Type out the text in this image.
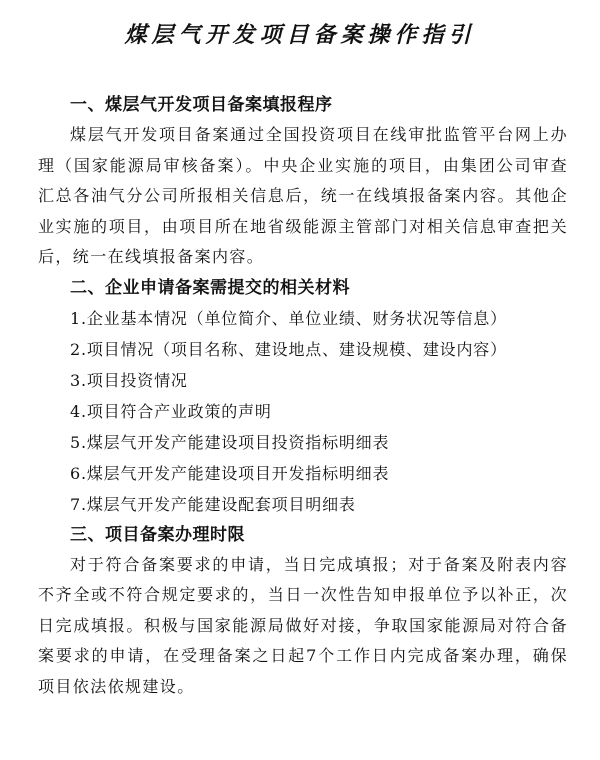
煤层气开发项目备案操作指引
一、煤层气开发项目备案填报程序
煤层气开发项目备案通过全国投资项目在线审批监管平台网上办理（国家能源局审核备案）。中央企业实施的项目，由集团公司审查汇总各油气分公司所报相关信息后，统一在线填报备案内容。其他企业实施的项目，由项目所在地省级能源主管部门对相关信息审查把关后，统一在线填报备案内容。
二、企业申请备案需提交的相关材料
1.企业基本情况（单位简介、单位业绩、财务状况等信息）
2.项目情况（项目名称、建设地点、建设规模、建设内容）
3.项目投资情况
4.项目符合产业政策的声明
5.煤层气开发产能建设项目投资指标明细表
6.煤层气开发产能建设项目开发指标明细表
7.煤层气开发产能建设配套项目明细表
三、项目备案办理时限
对于符合备案要求的申请，当日完成填报；对于备案及附表内容不齐全或不符合规定要求的，当日一次性告知申报单位予以补正，次日完成填报。积极与国家能源局做好对接，争取国家能源局对符合备案要求的申请，在受理备案之日起7个工作日内完成备案办理，确保项目依法依规建设。
